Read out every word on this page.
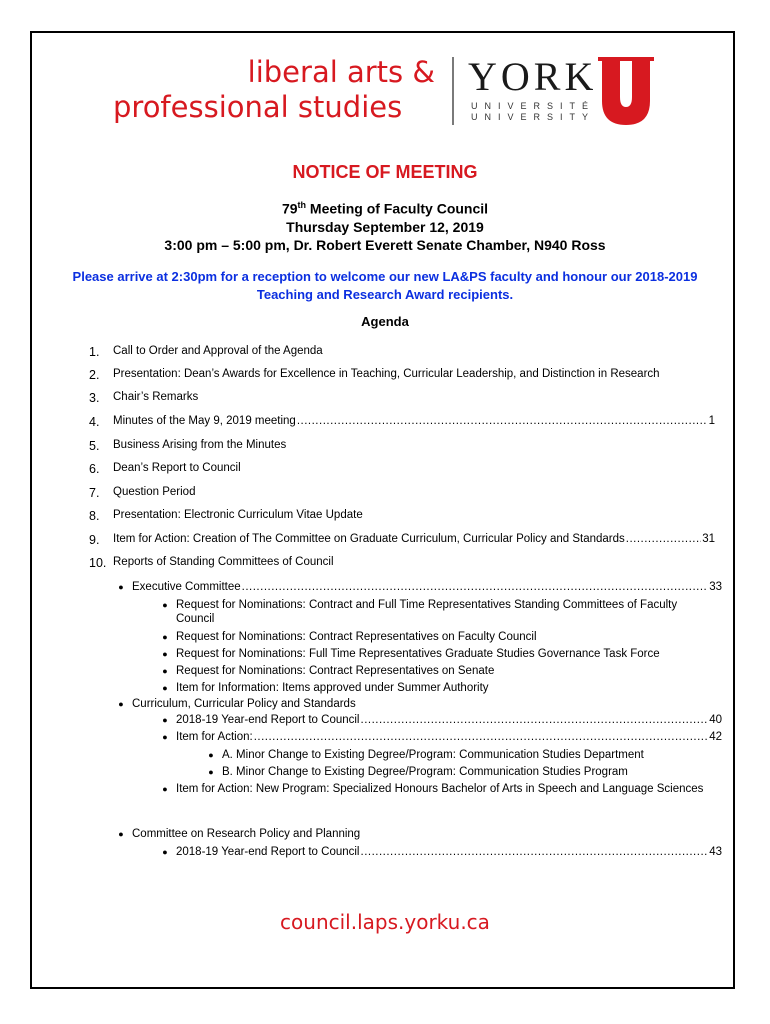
liberal arts &
professional studies
YORK
UNIVERSITÉ
UNIVERSITY
NOTICE OF MEETING
79th Meeting of Faculty Council
Thursday September 12, 2019
3:00 pm – 5:00 pm, Dr. Robert Everett Senate Chamber, N940 Ross
Please arrive at 2:30pm for a reception to welcome our new LA&PS faculty and honour our 2018-2019 Teaching and Research Award recipients.
Agenda
1.	Call to Order and Approval of the Agenda
2.	Presentation: Dean’s Awards for Excellence in Teaching, Curricular Leadership, and Distinction in Research
3.	Chair’s Remarks
4.	Minutes of the May 9, 2019 meeting .....	1
5.	Business Arising from the Minutes
6.	Dean’s Report to Council
7.	Question Period
8.	Presentation: Electronic Curriculum Vitae Update
9.	Item for Action: Creation of The Committee on Graduate Curriculum, Curricular Policy and Standards .....	31
10. Reports of Standing Committees of Council
● Executive Committee .....	33
● Request for Nominations: Contract and Full Time Representatives Standing Committees of Faculty Council
● Request for Nominations: Contract Representatives on Faculty Council
● Request for Nominations: Full Time Representatives Graduate Studies Governance Task Force
● Request for Nominations: Contract Representatives on Senate
● Item for Information: Items approved under Summer Authority
● Curriculum, Curricular Policy and Standards
● 2018-19 Year-end Report to Council .....	40
● Item for Action: .....	42
● A. Minor Change to Existing Degree/Program: Communication Studies Department
● B. Minor Change to Existing Degree/Program: Communication Studies Program
● Item for Action: New Program: Specialized Honours Bachelor of Arts in Speech and Language Sciences
● Committee on Research Policy and Planning
● 2018-19 Year-end Report to Council .....	43
council.laps.yorku.ca
